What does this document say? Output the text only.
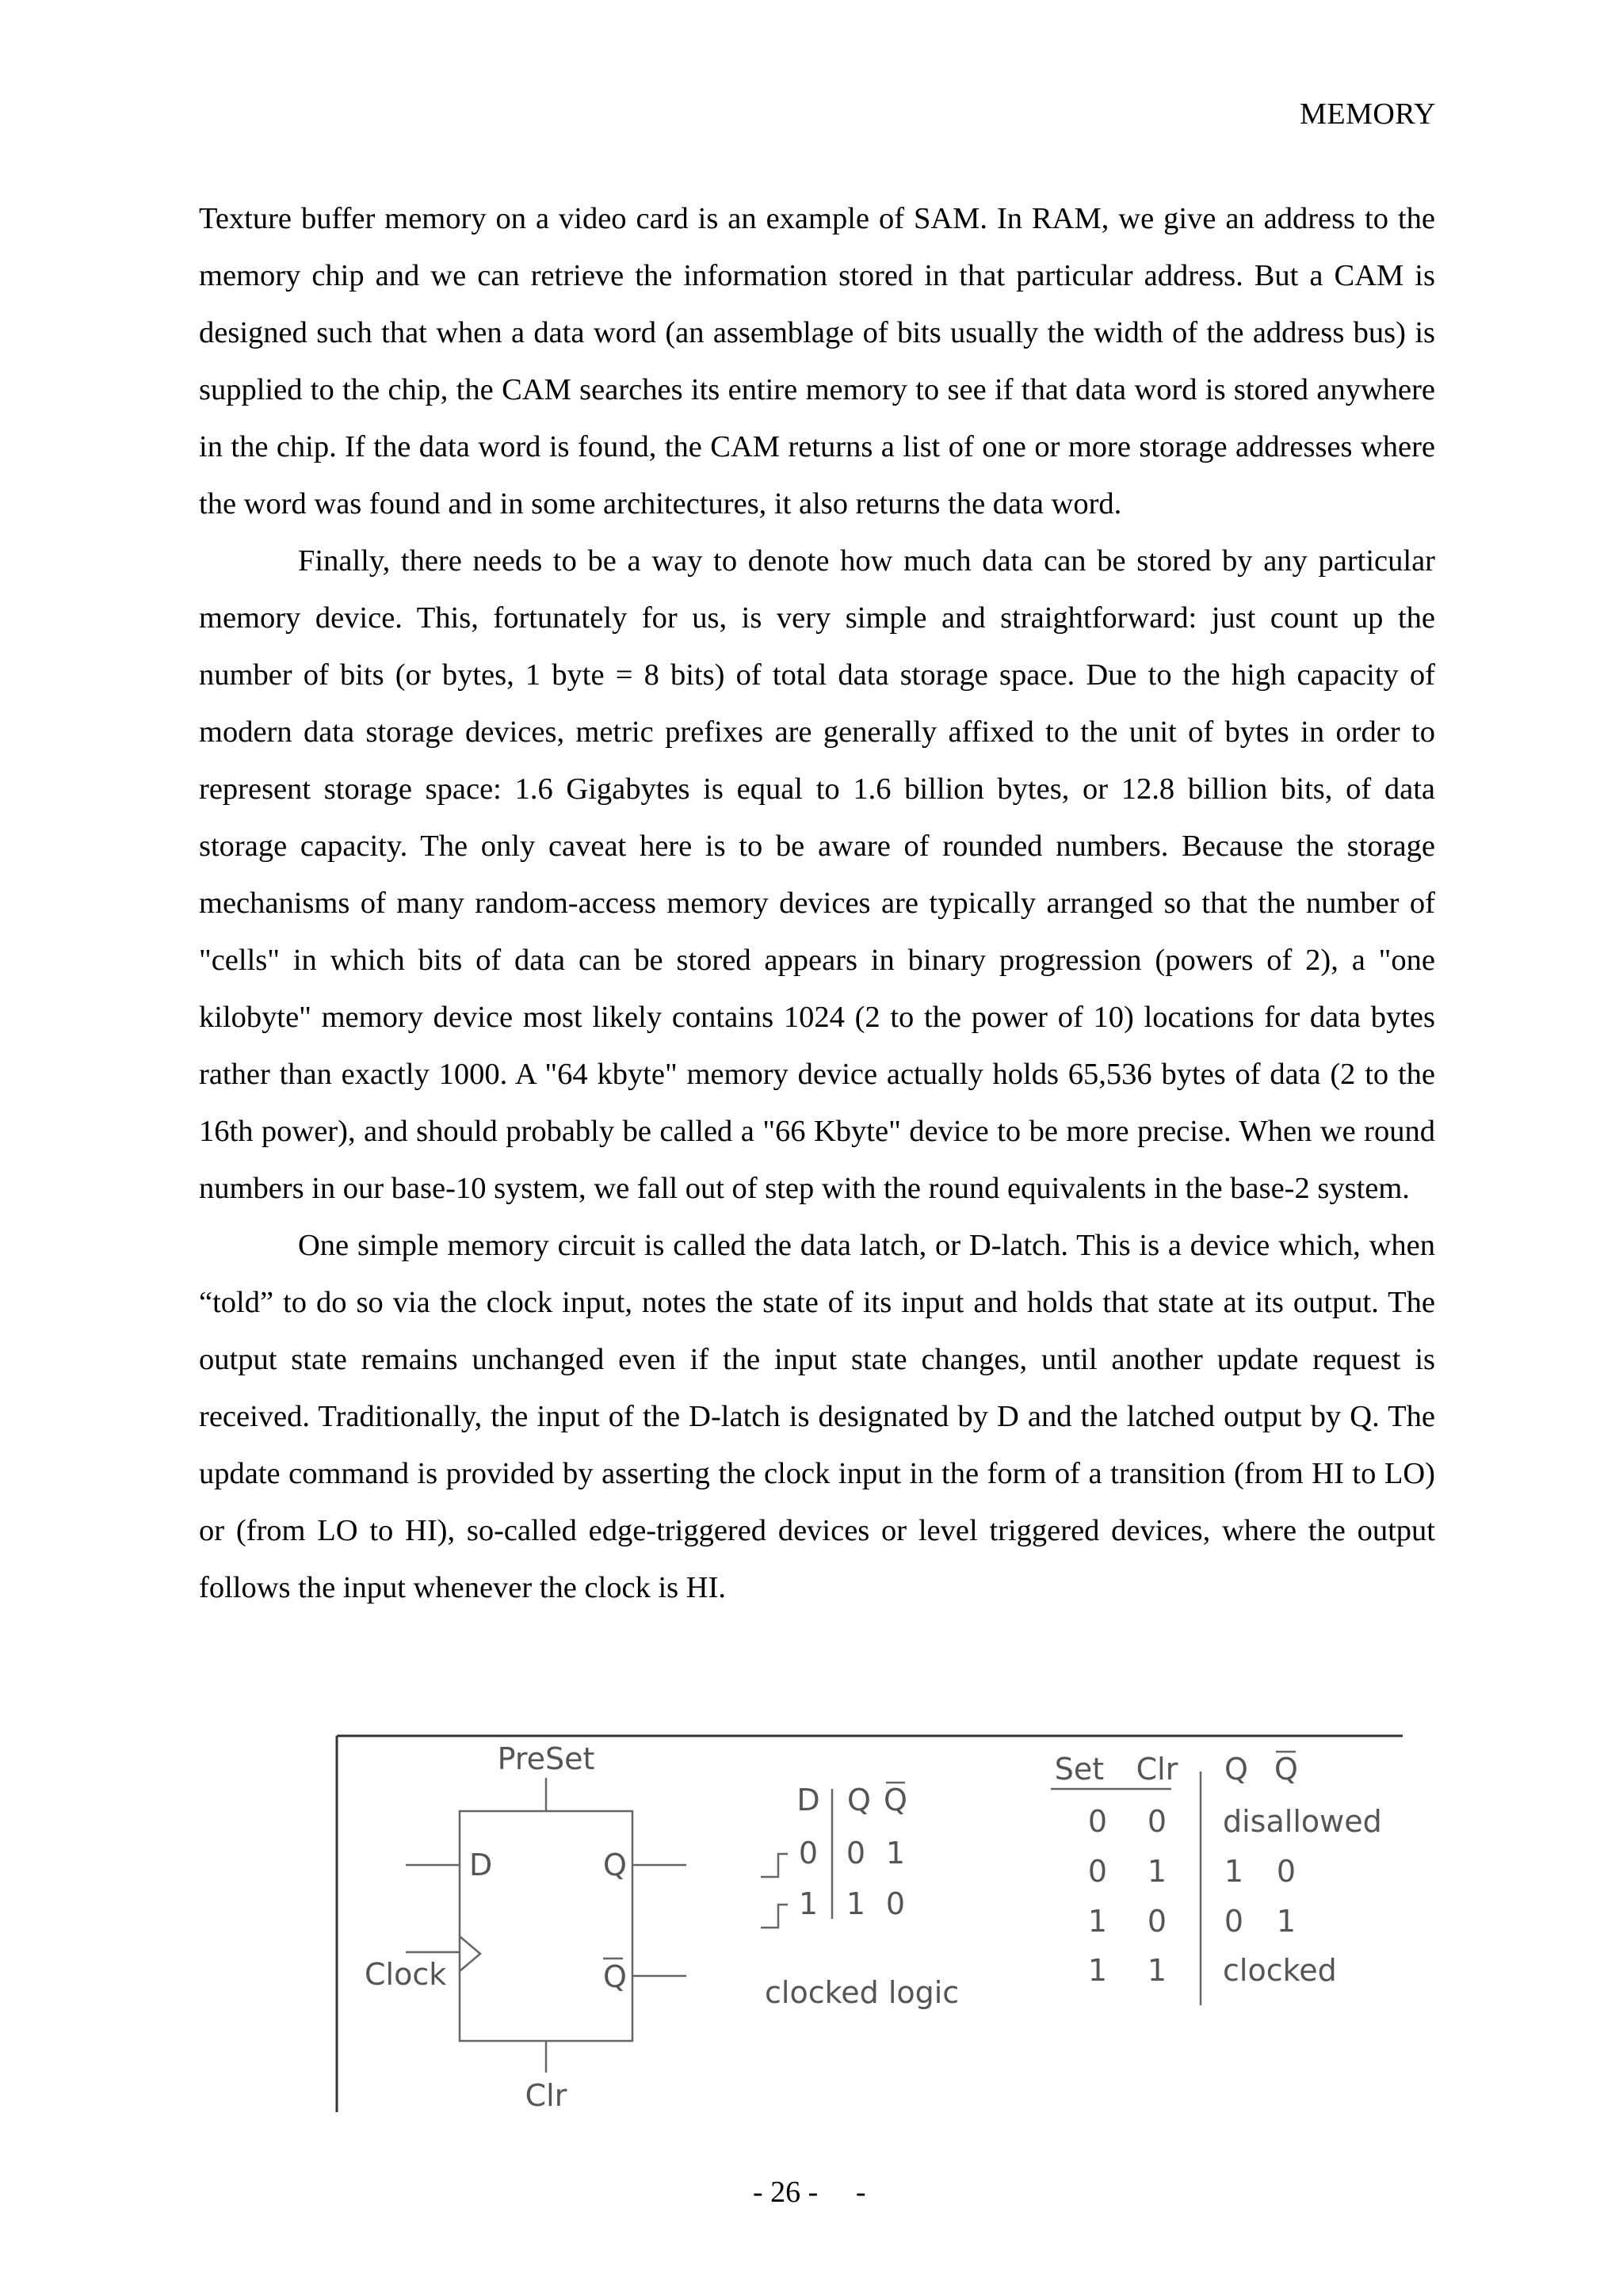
MEMORY

Texture buffer memory on a video card is an example of SAM. In RAM, we give an address to the memory chip and we can retrieve the information stored in that particular address. But a CAM is designed such that when a data word (an assemblage of bits usually the width of the address bus) is supplied to the chip, the CAM searches its entire memory to see if that data word is stored anywhere in the chip. If the data word is found, the CAM returns a list of one or more storage addresses where the word was found and in some architectures, it also returns the data word.

Finally, there needs to be a way to denote how much data can be stored by any particular memory device. This, fortunately for us, is very simple and straightforward: just count up the number of bits (or bytes, 1 byte = 8 bits) of total data storage space. Due to the high capacity of modern data storage devices, metric prefixes are generally affixed to the unit of bytes in order to represent storage space: 1.6 Gigabytes is equal to 1.6 billion bytes, or 12.8 billion bits, of data storage capacity. The only caveat here is to be aware of rounded numbers. Because the storage mechanisms of many random-access memory devices are typically arranged so that the number of "cells" in which bits of data can be stored appears in binary progression (powers of 2), a "one kilobyte" memory device most likely contains 1024 (2 to the power of 10) locations for data bytes rather than exactly 1000. A "64 kbyte" memory device actually holds 65,536 bytes of data (2 to the 16th power), and should probably be called a "66 Kbyte" device to be more precise. When we round numbers in our base-10 system, we fall out of step with the round equivalents in the base-2 system.

One simple memory circuit is called the data latch, or D-latch. This is a device which, when “told” to do so via the clock input, notes the state of its input and holds that state at its output. The output state remains unchanged even if the input state changes, until another update request is received. Traditionally, the input of the D-latch is designated by D and the latched output by Q. The update command is provided by asserting the clock input in the form of a transition (from HI to LO) or (from LO to HI), so-called edge-triggered devices or level triggered devices, where the output follows the input whenever the clock is HI.

PreSet
D	Q
Q
Clock
Clr
D Q Q
0 0 1
1 1 0
clocked logic
Set Clr Q Q
0 0 disallowed
0 1 1 0
1 0 0 1
1 1 clocked
- 26 - -
